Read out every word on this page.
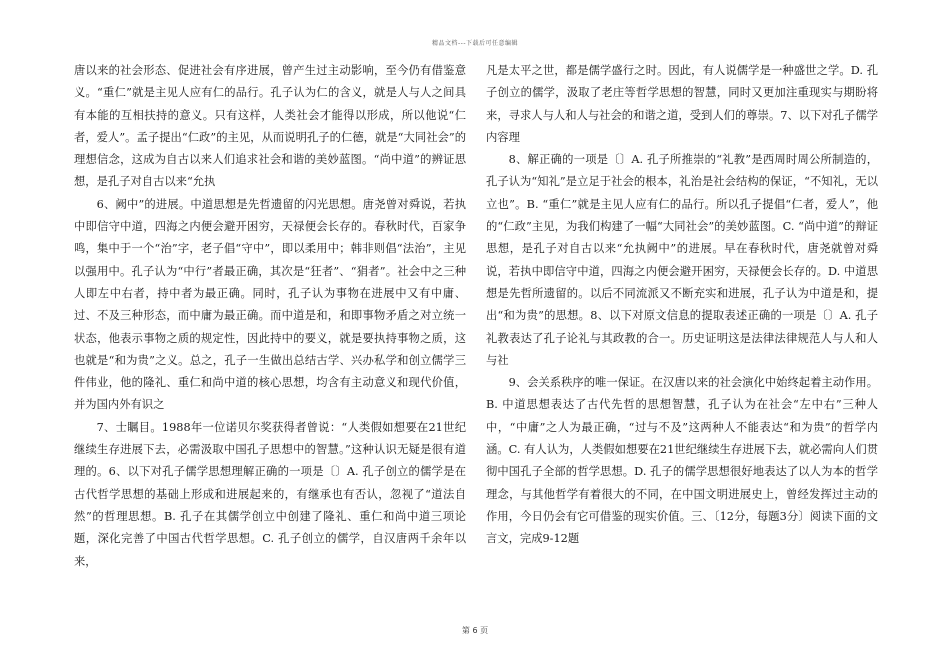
精品文档---下载后可任意编辑

唐以来的社会形态、促进社会有序进展，曾产生过主动影响，至今仍有借鉴意义。“重仁”就是主见人应有仁的品行。孔子认为仁的含义，就是人与人之间具有本能的互相扶持的意义。只有这样，人类社会才能得以形成，所以他说“仁者，爱人”。孟子提出“仁政”的主见，从而说明孔子的仁德，就是“大同社会”的理想信念，这成为自古以来人们追求社会和谐的美妙蓝图。“尚中道”的辨证思想，是孔子对自古以来“允执

6、阙中”的进展。中道思想是先哲遗留的闪光思想。唐尧曾对舜说，若执中即信守中道，四海之内便会避开困穷，天禄便会长存的。春秋时代，百家争鸣，集中于一个“治”字，老子倡“守中”，即以柔用中；韩非则倡“法治”，主见以强用中。孔子认为“中行”者最正确，其次是“狂者”、“狷者”。社会中之三种人即左中右者，持中者为最正确。同时，孔子认为事物在进展中又有中庸、过、不及三种形态，而中庸为最正确。而中道是和，和即事物矛盾之对立统一状态，他表示事物之质的规定性，因此持中的要义，就是要执持事物之质，这也就是“和为贵”之义。总之，孔子一生做出总结古学、兴办私学和创立儒学三件伟业，他的隆礼、重仁和尚中道的核心思想，均含有主动意义和现代价值，并为国内外有识之

7、士瞩目。1988年一位诺贝尔奖获得者曾说：“人类假如想要在21世纪继续生存进展下去，必需汲取中国孔子思想中的智慧。”这种认识无疑是很有道理的。6、以下对孔子儒学思想理解正确的一项是〔〕A. 孔子创立的儒学是在古代哲学思想的基础上形成和进展起来的，有继承也有否认，忽视了“道法自然”的哲理思想。B. 孔子在其儒学创立中创建了隆礼、重仁和尚中道三项论题，深化完善了中国古代哲学思想。C. 孔子创立的儒学，自汉唐两千余年以来，

凡是太平之世，都是儒学盛行之时。因此，有人说儒学是一种盛世之学。D. 孔子创立的儒学，汲取了老庄等哲学思想的智慧，同时又更加注重现实与期盼将来，寻求人与人和人与社会的和谐之道，受到人们的尊崇。7、以下对孔子儒学内容理

8、解正确的一项是〔〕A. 孔子所推崇的“礼教”是西周时周公所制造的，孔子认为“知礼”是立足于社会的根本，礼治是社会结构的保证，“不知礼，无以立也”。B. “重仁”就是主见人应有仁的品行。所以孔子提倡“仁者，爱人”，他的“仁政”主见，为我们构建了一幅“大同社会”的美妙蓝图。C. “尚中道”的辩证思想，是孔子对自古以来“允执阙中”的进展。早在春秋时代，唐尧就曾对舜说，若执中即信守中道，四海之内便会避开困穷，天禄便会长存的。D. 中道思想是先哲所遗留的。以后不同流派又不断充实和进展，孔子认为中道是和，提出“和为贵”的思想。8、以下对原文信息的提取表述正确的一项是〔〕A. 孔子礼教表达了孔子论礼与其政教的合一。历史证明这是法律法律规范人与人和人与社

9、会关系秩序的唯一保证。在汉唐以来的社会演化中始终起着主动作用。B. 中道思想表达了古代先哲的思想智慧，孔子认为在社会“左中右”三种人中，“中庸”之人为最正确，“过与不及”这两种人不能表达“和为贵”的哲学内涵。C. 有人认为，人类假如想要在21世纪继续生存进展下去，就必需向人们贯彻中国孔子全部的哲学思想。D. 孔子的儒学思想很好地表达了以人为本的哲学理念，与其他哲学有着很大的不同，在中国文明进展史上，曾经发挥过主动的作用，今日仍会有它可借鉴的现实价值。三、〔12分，每题3分〕阅读下面的文言文，完成9-12题

第 6 页
